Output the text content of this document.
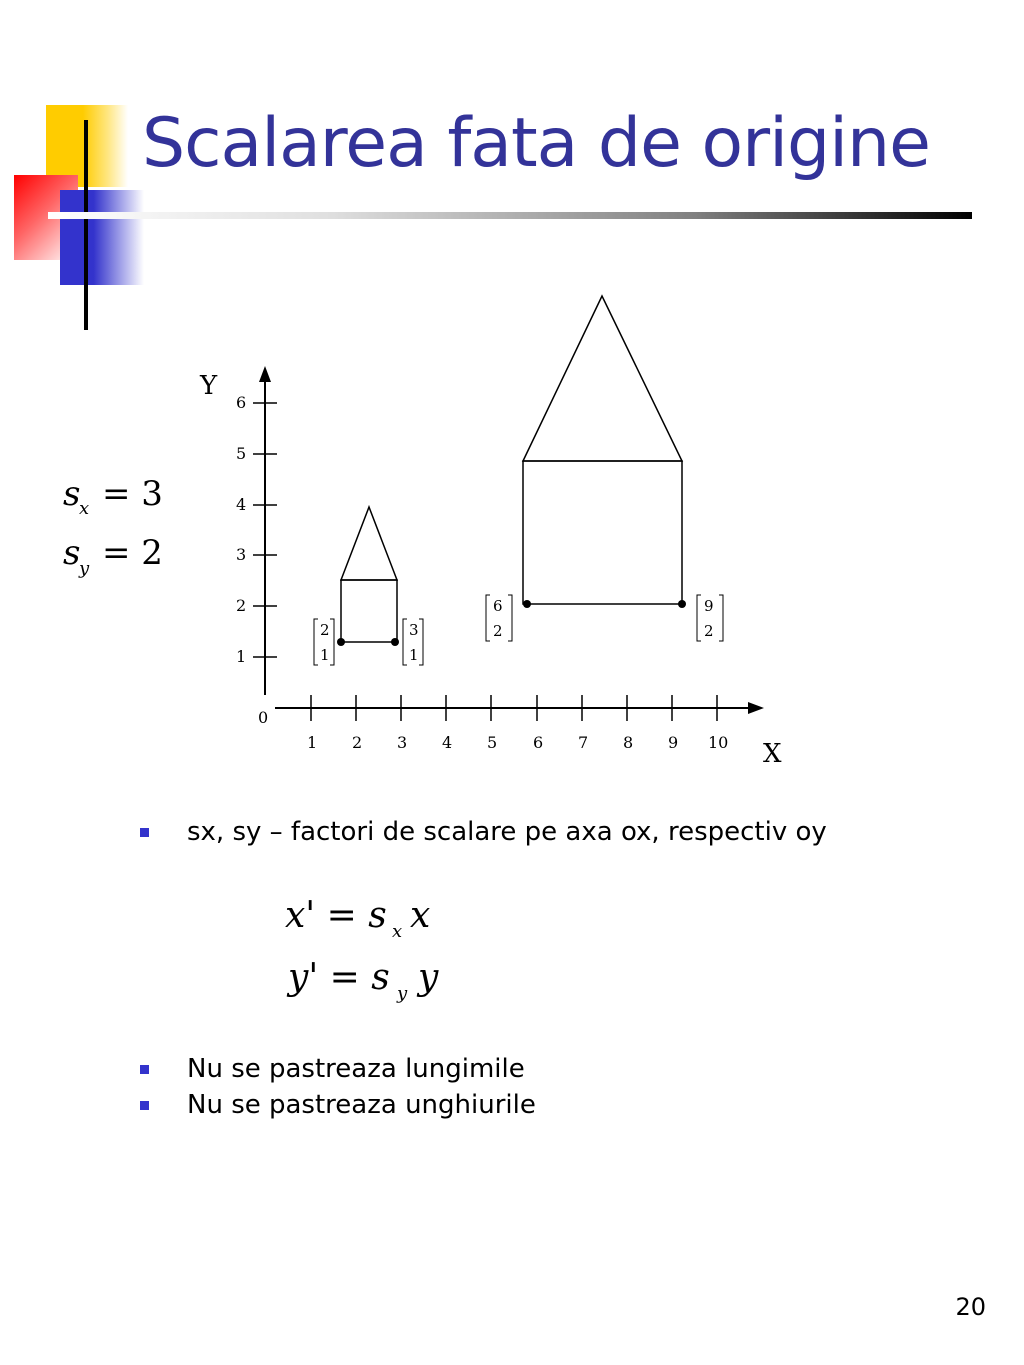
Scalarea fata de origine
s
x = 3
s
y = 2
Y
X
0
1 2 3 4 5 6 7 8 9 10
1
2
3
4
5
6
2
1
3
1
6
2
9
2
sx, sy – factori de scalare pe axa ox, respectiv oy
x' = s x x
y' = s y y
Nu se pastreaza lungimile
Nu se pastreaza unghiurile
20
